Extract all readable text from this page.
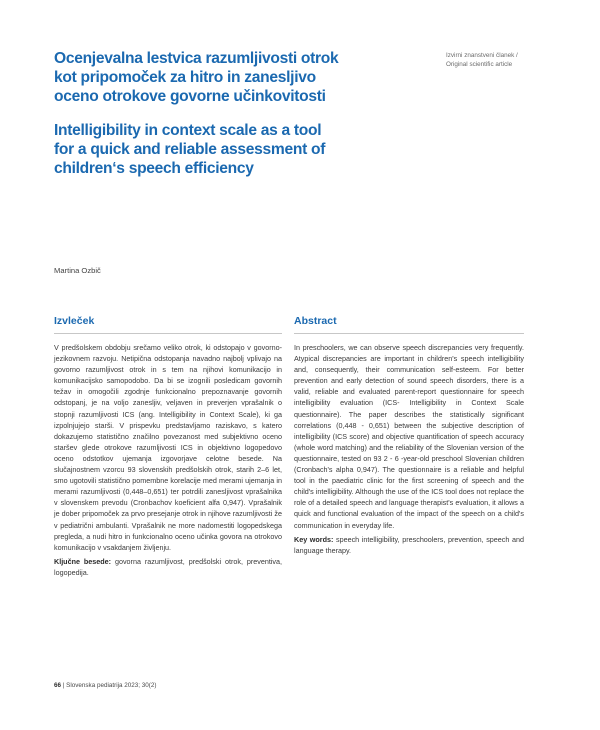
Izvirni znanstveni članek /
Original scientific article
Ocenjevalna lestvica razumljivosti otrok
kot pripomoček za hitro in zanesljivo
oceno otrokove govorne učinkovitosti
Intelligibility in context scale as a tool
for a quick and reliable assessment of
children‘s speech efficiency
Martina Ozbič
Izvleček

V predšolskem obdobju srečamo veliko otrok, ki odstopajo v govorno-jezikovnem razvoju. Netipična odstopanja navadno najbolj vplivajo na govorno razumljivost otrok in s tem na njihovi komunikacijo in komunikacijsko samopodobo. Da bi se izognili posledicam govornih težav in omogočili zgodnje funkcionalno prepoznavanje govornih odstopanj, je na voljo zanesljiv, veljaven in preverjen vprašalnik o stopnji razumljivosti ICS (ang. Intelligibility in Context Scale), ki ga izpolnjujejo starši. V prispevku predstavljamo raziskavo, s katero dokazujemo statistično značilno povezanost med subjektivno oceno staršev glede otrokove razumljivosti ICS in objektivno logopedovo oceno odstotkov ujemanja izgovorjave celotne besede. Na slučajnostnem vzorcu 93 slovenskih predšolskih otrok, starih 2–6 let, smo ugotovili statistično pomembne korelacije med merami ujemanja in merami razumljivosti (0,448–0,651) ter potrdili zanesljivost vprašalnika v slovenskem prevodu (Cronbachov koeficient alfa 0,947). Vprašalnik je dober pripomoček za prvo presejanje otrok in njihove razumljivosti že v pediatrični ambulanti. Vprašalnik ne more nadomestiti logopedskega pregleda, a nudi hitro in funkcionalno oceno učinka govora na otrokovo komunikacijo v vsakdanjem življenju.

Ključne besede: govorna razumljivost, predšolski otrok, preventiva, logopedija.

Abstract

In preschoolers, we can observe speech discrepancies very frequently. Atypical discrepancies are important in children's speech intelligibility and, consequently, their communication self-esteem. For better prevention and early detection of sound speech disorders, there is a valid, reliable and evaluated parent-report questionnaire for speech intelligibility evaluation (ICS- Intelligibility in Context Scale questionnaire). The paper describes the statistically significant correlations (0,448 - 0,651) between the subjective description of intelligibility (ICS score) and objective quantification of speech accuracy (whole word matching) and the reliability of the Slovenian version of the questionnaire, tested on 93 2 - 6 -year-old preschool Slovenian children (Cronbach's alpha 0,947). The questionnaire is a reliable and helpful tool in the paediatric clinic for the first screening of speech and the child's intelligibility. Although the use of the ICS tool does not replace the role of a detailed speech and language therapist's evaluation, it allows a quick and functional evaluation of the impact of the speech on a child's communication in everyday life.

Key words: speech intelligibility, preschoolers, prevention, speech and language therapy.

66 | Slovenska pediatrija 2023; 30(2)
